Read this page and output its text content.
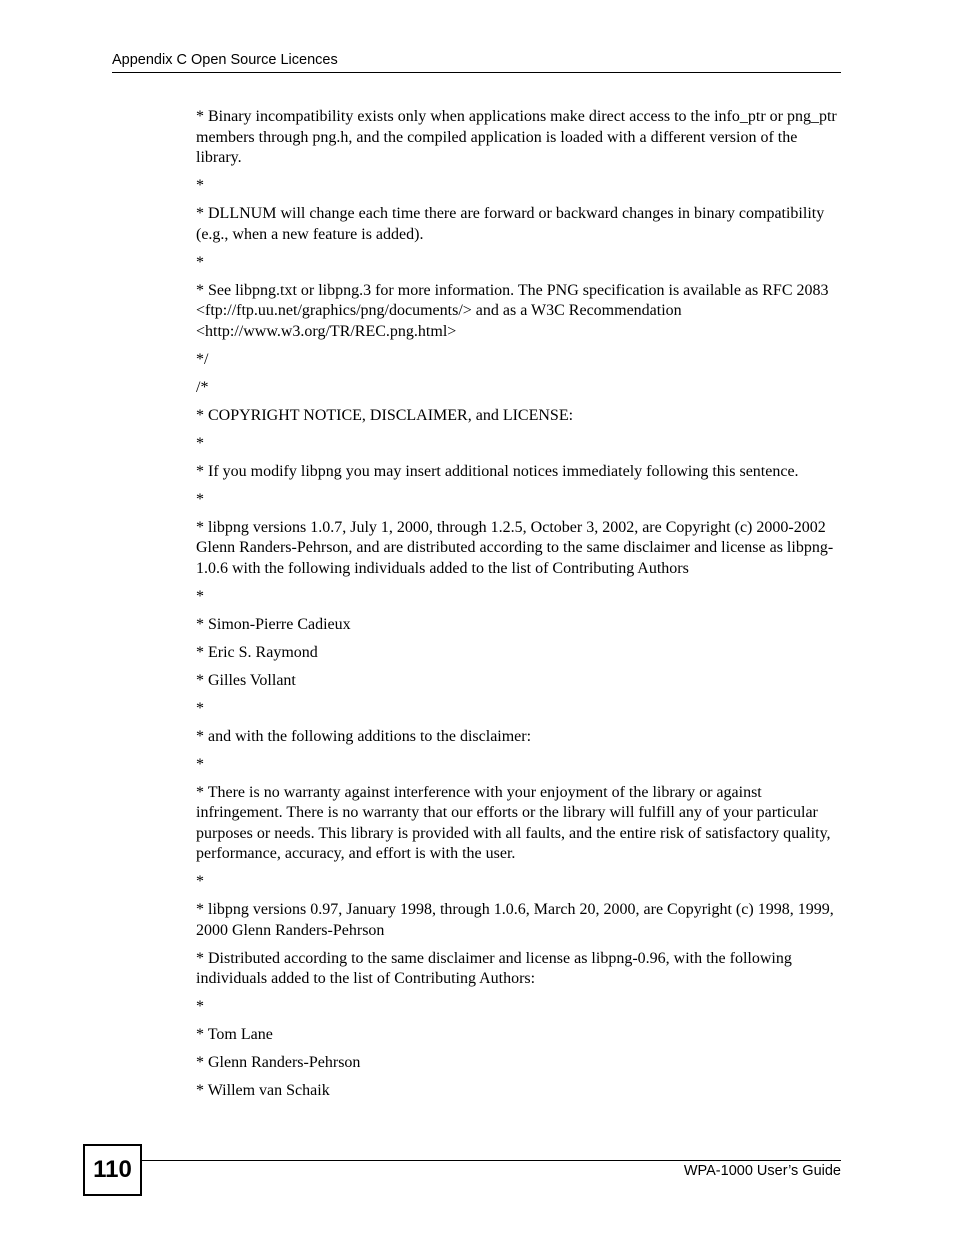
Appendix C Open Source Licences

* Binary incompatibility exists only when applications make direct access to the info_ptr or png_ptr members through png.h, and the compiled application is loaded with a different version of the library.

*

* DLLNUM will change each time there are forward or backward changes in binary compatibility (e.g., when a new feature is added).

*

* See libpng.txt or libpng.3 for more information. The PNG specification is available as RFC 2083 <ftp://ftp.uu.net/graphics/png/documents/> and as a W3C Recommendation <http://www.w3.org/TR/REC.png.html>

*/

/*

* COPYRIGHT NOTICE, DISCLAIMER, and LICENSE:

*

* If you modify libpng you may insert additional notices immediately following this sentence.

*

* libpng versions 1.0.7, July 1, 2000, through 1.2.5, October 3, 2002, are Copyright (c) 2000-2002 Glenn Randers-Pehrson, and are distributed according to the same disclaimer and license as libpng-1.0.6 with the following individuals added to the list of Contributing Authors

*

* Simon-Pierre Cadieux

* Eric S. Raymond

* Gilles Vollant

*

* and with the following additions to the disclaimer:

*

* There is no warranty against interference with your enjoyment of the library or against infringement. There is no warranty that our efforts or the library will fulfill any of your particular purposes or needs. This library is provided with all faults, and the entire risk of satisfactory quality, performance, accuracy, and effort is with the user.

*

* libpng versions 0.97, January 1998, through 1.0.6, March 20, 2000, are Copyright (c) 1998, 1999, 2000 Glenn Randers-Pehrson

* Distributed according to the same disclaimer and license as libpng-0.96, with the following individuals added to the list of Contributing Authors:

*

* Tom Lane

* Glenn Randers-Pehrson

* Willem van Schaik

110	WPA-1000 User’s Guide
